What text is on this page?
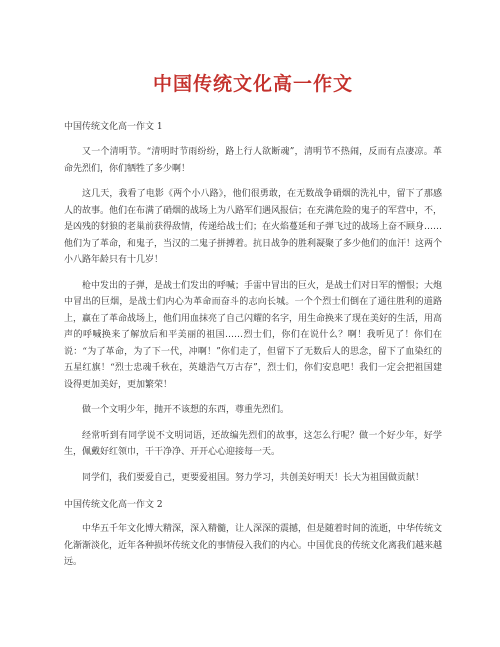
中国传统文化高一作文

中国传统文化高一作文 1

又一个清明节。“清明时节雨纷纷，路上行人欲断魂”，清明节不热闹，反而有点凄凉。革命先烈们，你们牺牲了多少啊！

这几天，我看了电影《两个小八路》，他们很勇敢，在无数战争硝烟的洗礼中，留下了那感人的故事。他们在布满了硝烟的战场上为八路军们遇风报信；在充满危险的鬼子的军营中，不，是凶残的豺狼的老巢前获得敌情，传递给战士们；在火焰蔓延和子弹飞过的战场上奋不顾身……他们为了革命，和鬼子，当汉的二鬼子拼搏着。抗日战争的胜利凝聚了多少他们的血汗！这两个小八路年龄只有十几岁！

枪中发出的子弹，是战士们发出的呼喊；手雷中冒出的巨火，是战士们对日军的憎恨；大炮中冒出的巨烟，是战士们内心为革命而奋斗的志向长城。一个个烈士们倒在了通往胜利的道路上，赢在了革命战场上，他们用血抹亮了自己闪耀的名字，用生命换来了现在美好的生活，用高声的呼喊换来了解放后和平美丽的祖国……烈士们，你们在说什么？啊！我听见了！你们在说：“为了革命，为了下一代，冲啊！”你们走了，但留下了无数后人的思念，留下了血染红的五星红旗！“烈士忠魂千秋在，英雄浩气万古存”，烈士们，你们安息吧！我们一定会把祖国建设得更加美好，更加繁荣！

做一个文明少年，抛开不该想的东西，尊重先烈们。

经常听到有同学说不文明词语，还故编先烈们的故事，这怎么行呢？做一个好少年，好学生，佩戴好红领巾，干干净净、开开心心迎接每一天。

同学们，我们要爱自己，更要爱祖国。努力学习，共创美好明天！长大为祖国做贡献！

中国传统文化高一作文 2

中华五千年文化博大精深，深入精髓，让人深深的震撼，但是随着时间的流逝，中华传统文化渐渐淡化，近年各种损坏传统文化的事情侵入我们的内心。中国优良的传统文化离我们越来越远。
